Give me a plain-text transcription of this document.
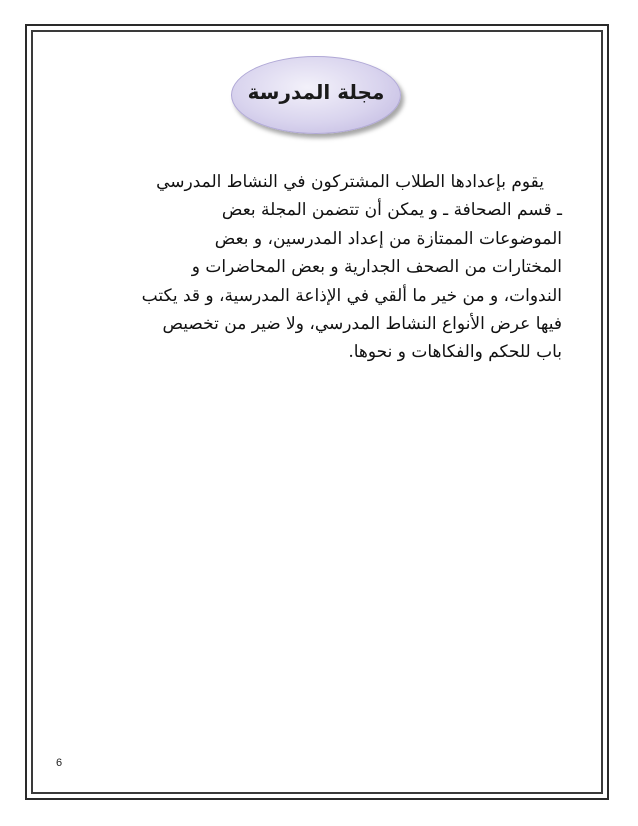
مجلة المدرسة
يقوم بإعدادها الطلاب المشتركون في النشاط المدرسي
ـ قسم الصحافة ـ و يمكن أن تتضمن المجلة بعض
الموضوعات الممتازة من إعداد المدرسين، و بعض
المختارات من الصحف الجدارية و بعض المحاضرات و
الندوات، و من خير ما ألقي في الإذاعة المدرسية، و قد يكتب
فيها عرض الأنواع النشاط المدرسي، ولا ضير من تخصيص
باب للحكم والفكاهات و نحوها.
6
